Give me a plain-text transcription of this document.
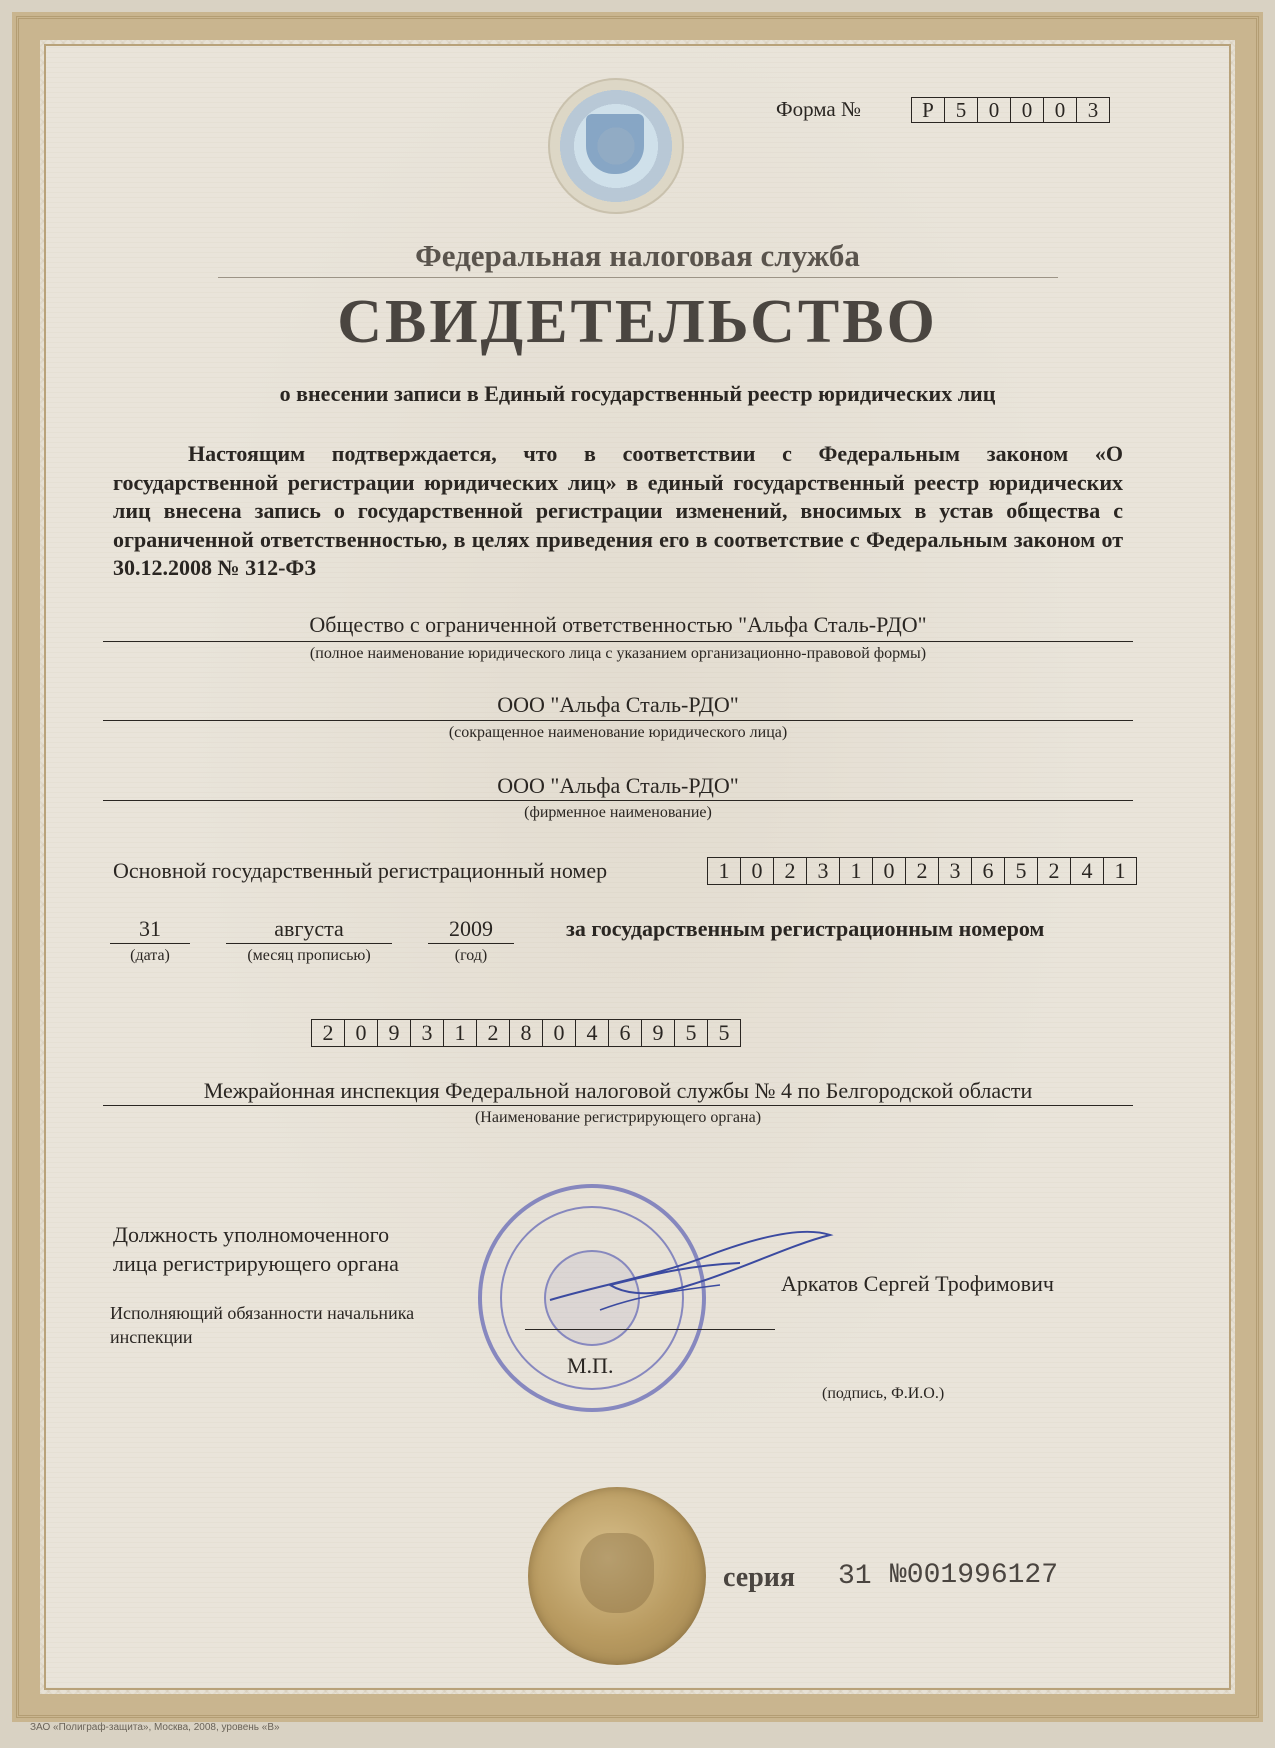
Форма №	Р	5	0	0	0	3
Федеральная налоговая служба
СВИДЕТЕЛЬСТВО
о внесении записи в Единый государственный реестр юридических лиц
Настоящим подтверждается, что в соответствии с Федеральным законом «О государственной регистрации юридических лиц» в единый государственный реестр юридических лиц внесена запись о государственной регистрации изменений, вносимых в устав общества с ограниченной ответственностью, в целях приведения его в соответствие с Федеральным законом от 30.12.2008 № 312-ФЗ
Общество с ограниченной ответственностью "Альфа Сталь-РДО"
(полное наименование юридического лица с указанием организационно-правовой формы)
ООО "Альфа Сталь-РДО"
(сокращенное наименование юридического лица)
ООО "Альфа Сталь-РДО"
(фирменное наименование)
Основной государственный регистрационный номер	1	0	2	3	1	0	2	3	6	5	2	4	1
31
(дата)
августа
(месяц прописью)
2009
(год)
за государственным регистрационным номером
2	0	9	3	1	2	8	0	4	6	9	5	5
Межрайонная инспекция Федеральной налоговой службы № 4 по Белгородской области
(Наименование регистрирующего органа)
Должность уполномоченного
лица регистрирующего органа
Исполняющий обязанности начальника
инспекции
Аркатов Сергей Трофимович
М.П.
(подпись, Ф.И.О.)
серия 31 №001996127
ЗАО «Полиграф-защита», Москва, 2008, уровень «В»
